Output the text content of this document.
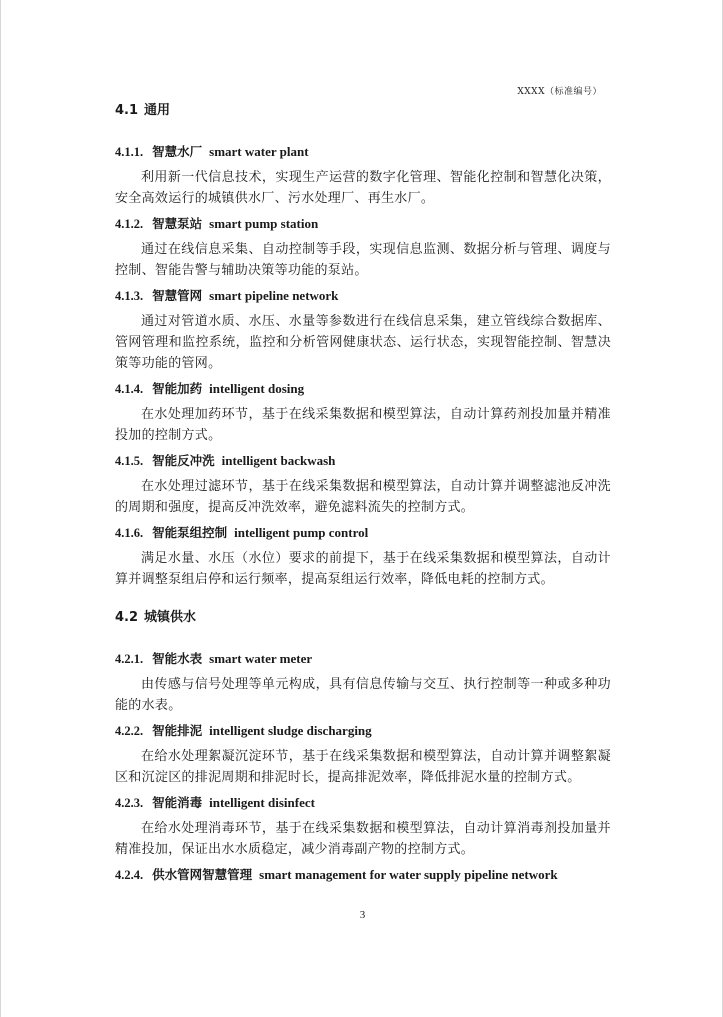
XXXX（标准编号）
4.1 通用
4.1.1. 智慧水厂 smart water plant

利用新一代信息技术，实现生产运营的数字化管理、智能化控制和智慧化决策，安全高效运行的城镇供水厂、污水处理厂、再生水厂。

4.1.2. 智慧泵站 smart pump station

通过在线信息采集、自动控制等手段，实现信息监测、数据分析与管理、调度与控制、智能告警与辅助决策等功能的泵站。

4.1.3. 智慧管网 smart pipeline network

通过对管道水质、水压、水量等参数进行在线信息采集，建立管线综合数据库、管网管理和监控系统，监控和分析管网健康状态、运行状态，实现智能控制、智慧决策等功能的管网。

4.1.4. 智能加药 intelligent dosing

在水处理加药环节，基于在线采集数据和模型算法，自动计算药剂投加量并精准投加的控制方式。

4.1.5. 智能反冲洗 intelligent backwash

在水处理过滤环节，基于在线采集数据和模型算法，自动计算并调整滤池反冲洗的周期和强度，提高反冲洗效率，避免滤料流失的控制方式。

4.1.6. 智能泵组控制 intelligent pump control

满足水量、水压（水位）要求的前提下，基于在线采集数据和模型算法，自动计算并调整泵组启停和运行频率，提高泵组运行效率，降低电耗的控制方式。

4.2 城镇供水
4.2.1. 智能水表 smart water meter

由传感与信号处理等单元构成，具有信息传输与交互、执行控制等一种或多种功能的水表。

4.2.2. 智能排泥 intelligent sludge discharging

在给水处理絮凝沉淀环节，基于在线采集数据和模型算法，自动计算并调整絮凝区和沉淀区的排泥周期和排泥时长，提高排泥效率，降低排泥水量的控制方式。

4.2.3. 智能消毒 intelligent disinfect

在给水处理消毒环节，基于在线采集数据和模型算法，自动计算消毒剂投加量并精准投加，保证出水水质稳定，减少消毒副产物的控制方式。

4.2.4. 供水管网智慧管理 smart management for water supply pipeline network
3
